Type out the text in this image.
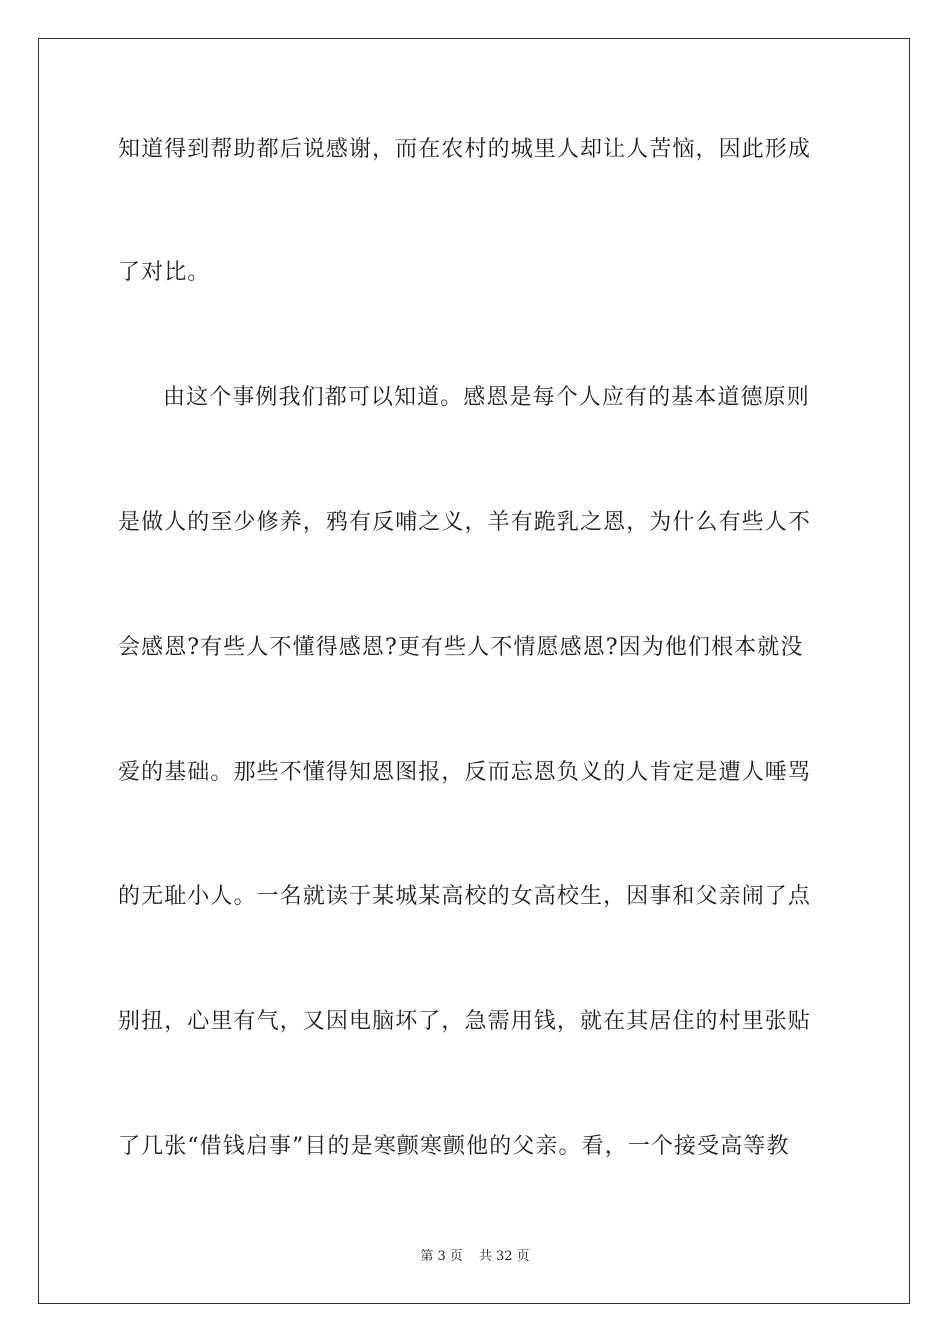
知道得到帮助都后说感谢，而在农村的城里人却让人苦恼，因此形成
了对比。
由这个事例我们都可以知道。感恩是每个人应有的基本道德原则
是做人的至少修养，鸦有反哺之义，羊有跪乳之恩，为什么有些人不
会感恩?有些人不懂得感恩?更有些人不情愿感恩?因为他们根本就没
爱的基础。那些不懂得知恩图报，反而忘恩负义的人肯定是遭人唾骂
的无耻小人。一名就读于某城某高校的女高校生，因事和父亲闹了点
别扭，心里有气，又因电脑坏了，急需用钱，就在其居住的村里张贴
了几张“借钱启事”目的是寒颤寒颤他的父亲。看，一个接受高等教
第 3 页 共 32 页
